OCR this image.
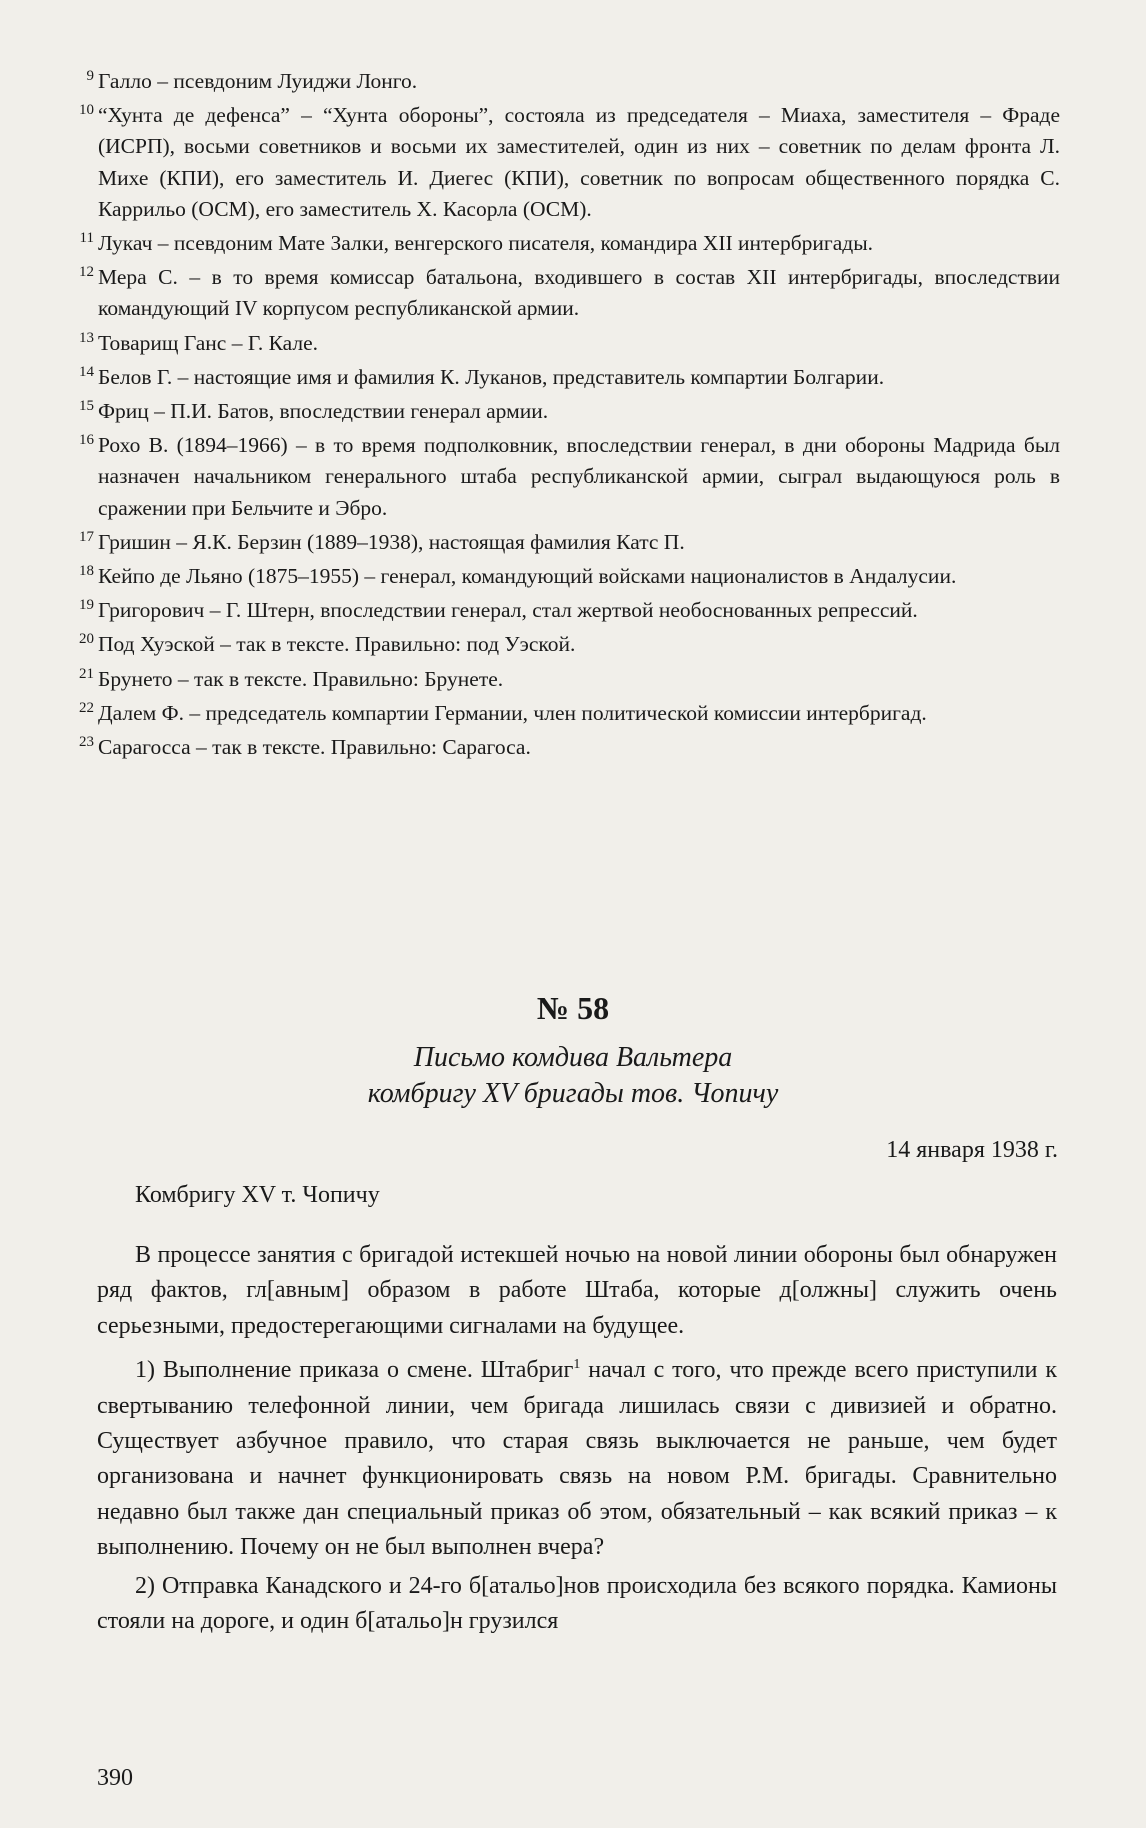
9 Галло – псевдоним Луиджи Лонго.
10 “Хунта де дефенса” – “Хунта обороны”, состояла из председателя – Миаха, заместителя – Фраде (ИСРП), восьми советников и восьми их заместителей, один из них – советник по делам фронта Л. Михе (КПИ), его заместитель И. Диегес (КПИ), советник по вопросам общественного порядка С. Каррильо (ОСМ), его заместитель Х. Касорла (ОСМ).
11 Лукач – псевдоним Мате Залки, венгерского писателя, командира XII интербригады.
12 Мера С. – в то время комиссар батальона, входившего в состав XII интербригады, впоследствии командующий IV корпусом республиканской армии.
13 Товарищ Ганс – Г. Кале.
14 Белов Г. – настоящие имя и фамилия К. Луканов, представитель компартии Болгарии.
15 Фриц – П.И. Батов, впоследствии генерал армии.
16 Рохо В. (1894–1966) – в то время подполковник, впоследствии генерал, в дни обороны Мадрида был назначен начальником генерального штаба республиканской армии, сыграл выдающуюся роль в сражении при Бельчите и Эбро.
17 Гришин – Я.К. Берзин (1889–1938), настоящая фамилия Катс П.
18 Кейпо де Льяно (1875–1955) – генерал, командующий войсками националистов в Андалусии.
19 Григорович – Г. Штерн, впоследствии генерал, стал жертвой необоснованных репрессий.
20 Под Хуэской – так в тексте. Правильно: под Уэской.
21 Брунето – так в тексте. Правильно: Брунете.
22 Далем Ф. – председатель компартии Германии, член политической комиссии интербригад.
23 Сарагосса – так в тексте. Правильно: Сарагоса.
№ 58
Письмо комдива Вальтера
комбригу XV бригады тов. Чопичу
14 января 1938 г.
Комбригу XV т. Чопичу

В процессе занятия с бригадой истекшей ночью на новой линии обороны был обнаружен ряд фактов, гл[авным] образом в работе Штаба, которые д[олжны] служить очень серьезными, предостерегающими сигналами на будущее.

1) Выполнение приказа о смене. Штабриг$^1$ начал с того, что прежде всего приступили к свертыванию телефонной линии, чем бригада лишилась связи с дивизией и обратно. Существует азбучное правило, что старая связь выключается не раньше, чем будет организована и начнет функционировать связь на новом Р.М. бригады. Сравнительно недавно был также дан специальный приказ об этом, обязательный – как всякий приказ – к выполнению. Почему он не был выполнен вчера?

2) Отправка Канадского и 24-го б[атальо]нов происходила без всякого порядка. Камионы стояли на дороге, и один б[атальо]н грузился

390
